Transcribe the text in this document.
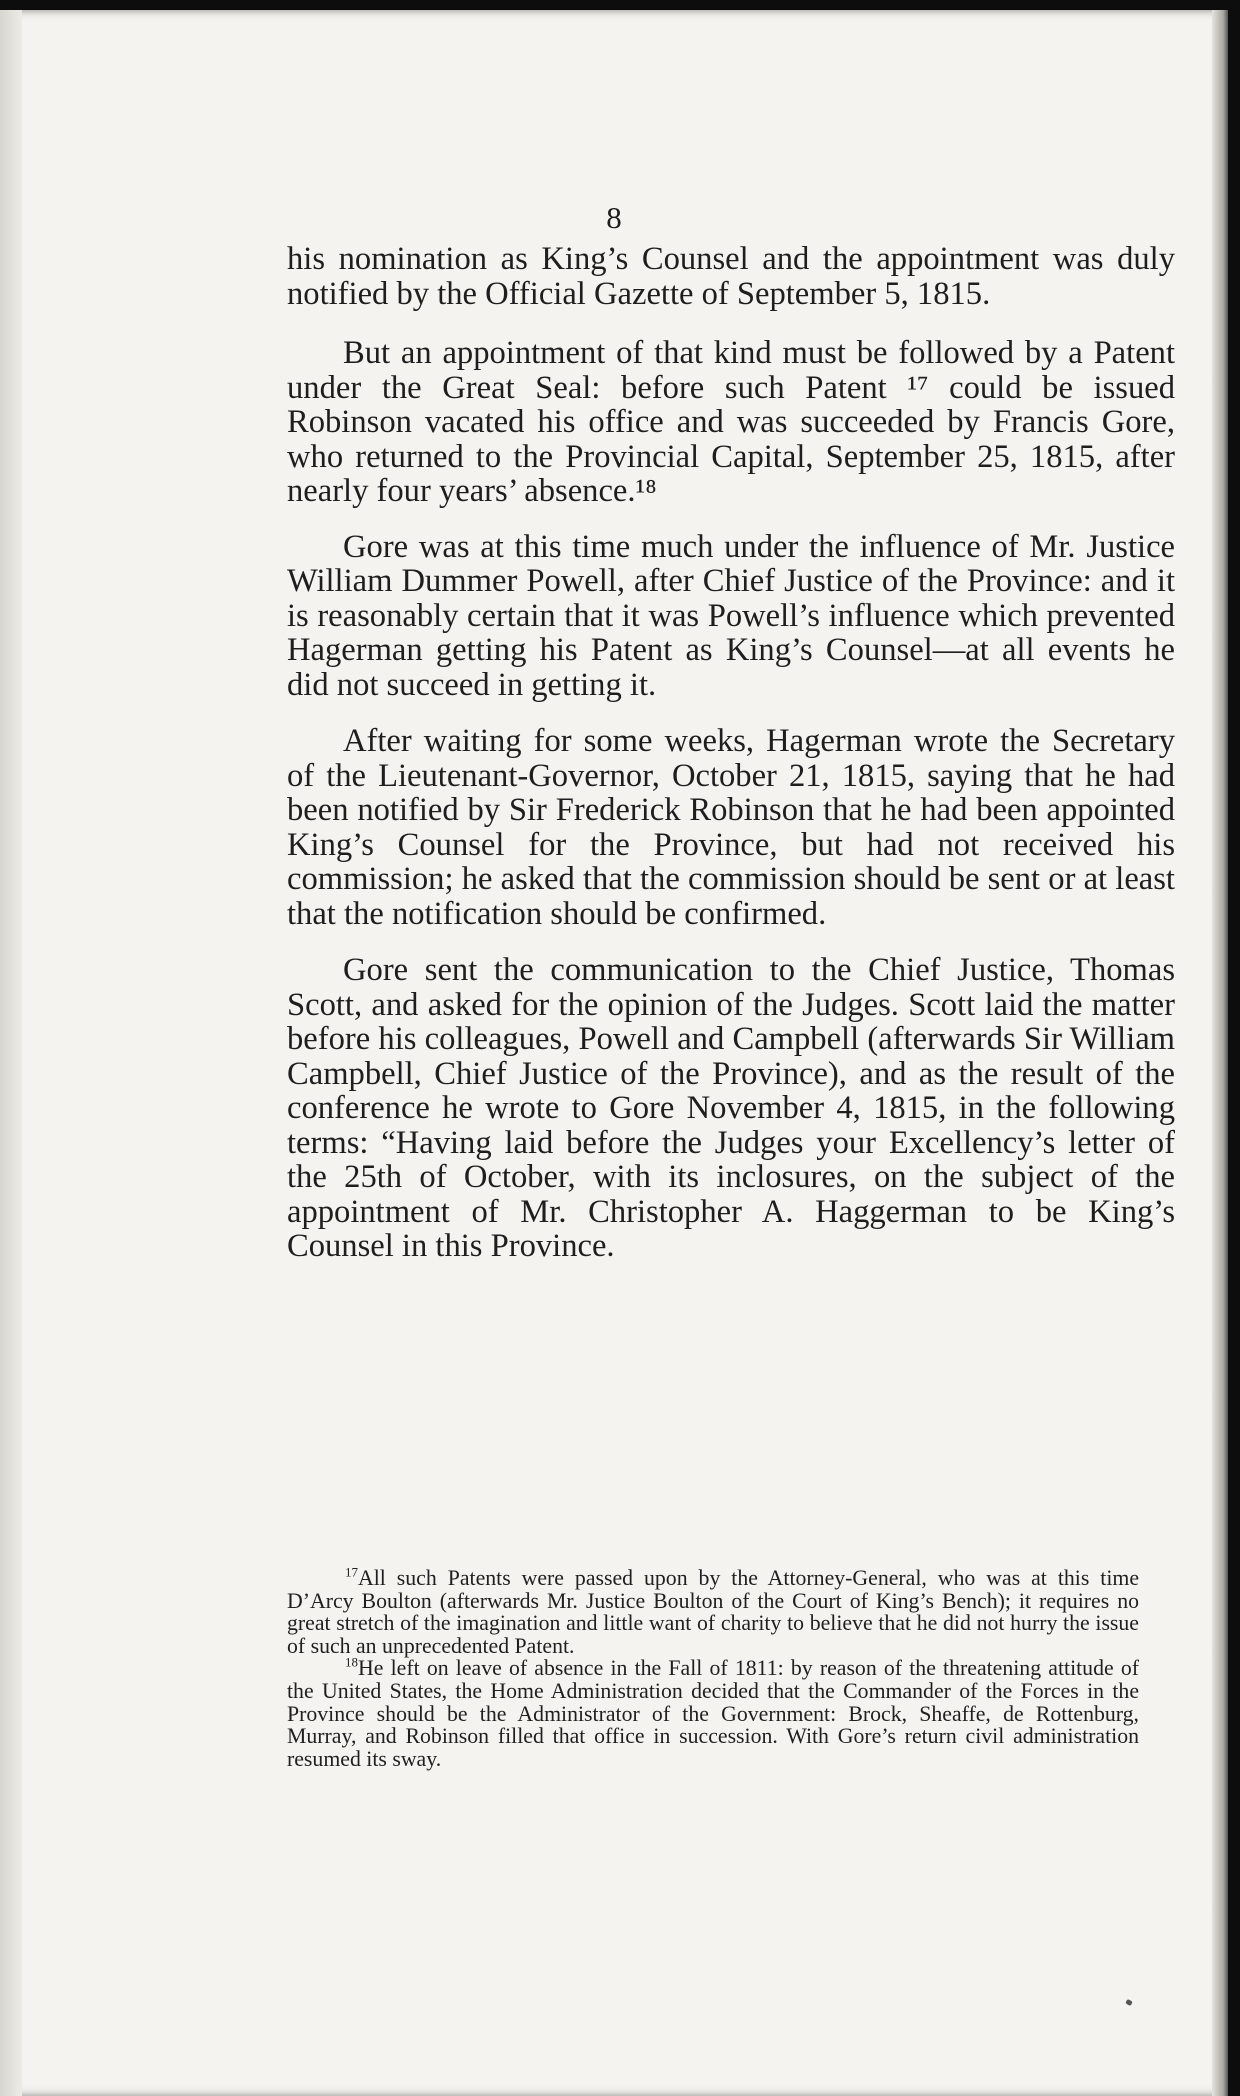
8

his nomination as King’s Counsel and the appointment was duly notified by the Official Gazette of September 5, 1815.

But an appointment of that kind must be followed by a Patent under the Great Seal: before such Patent ¹⁷ could be issued Robinson vacated his office and was succeeded by Francis Gore, who returned to the Provincial Capital, September 25, 1815, after nearly four years’ absence.¹⁸

Gore was at this time much under the influence of Mr. Justice William Dummer Powell, after Chief Justice of the Province: and it is reasonably certain that it was Powell’s influence which prevented Hagerman getting his Patent as King’s Counsel—at all events he did not succeed in getting it.

After waiting for some weeks, Hagerman wrote the Secretary of the Lieutenant-Governor, October 21, 1815, saying that he had been notified by Sir Frederick Robinson that he had been appointed King’s Counsel for the Province, but had not received his commission; he asked that the commission should be sent or at least that the notification should be confirmed.

Gore sent the communication to the Chief Justice, Thomas Scott, and asked for the opinion of the Judges. Scott laid the matter before his colleagues, Powell and Campbell (afterwards Sir William Campbell, Chief Justice of the Province), and as the result of the conference he wrote to Gore November 4, 1815, in the following terms: “Having laid before the Judges your Excellency’s letter of the 25th of October, with its inclosures, on the subject of the appointment of Mr. Christopher A. Haggerman to be King’s Counsel in this Province.

$^{17}$All such Patents were passed upon by the Attorney-General, who was at this time D’Arcy Boulton (afterwards Mr. Justice Boulton of the Court of King’s Bench); it requires no great stretch of the imagination and little want of charity to believe that he did not hurry the issue of such an unprecedented Patent.

$^{18}$He left on leave of absence in the Fall of 1811: by reason of the threatening attitude of the United States, the Home Administration decided that the Commander of the Forces in the Province should be the Administrator of the Government: Brock, Sheaffe, de Rottenburg, Murray, and Robinson filled that office in succession. With Gore’s return civil administration resumed its sway.
